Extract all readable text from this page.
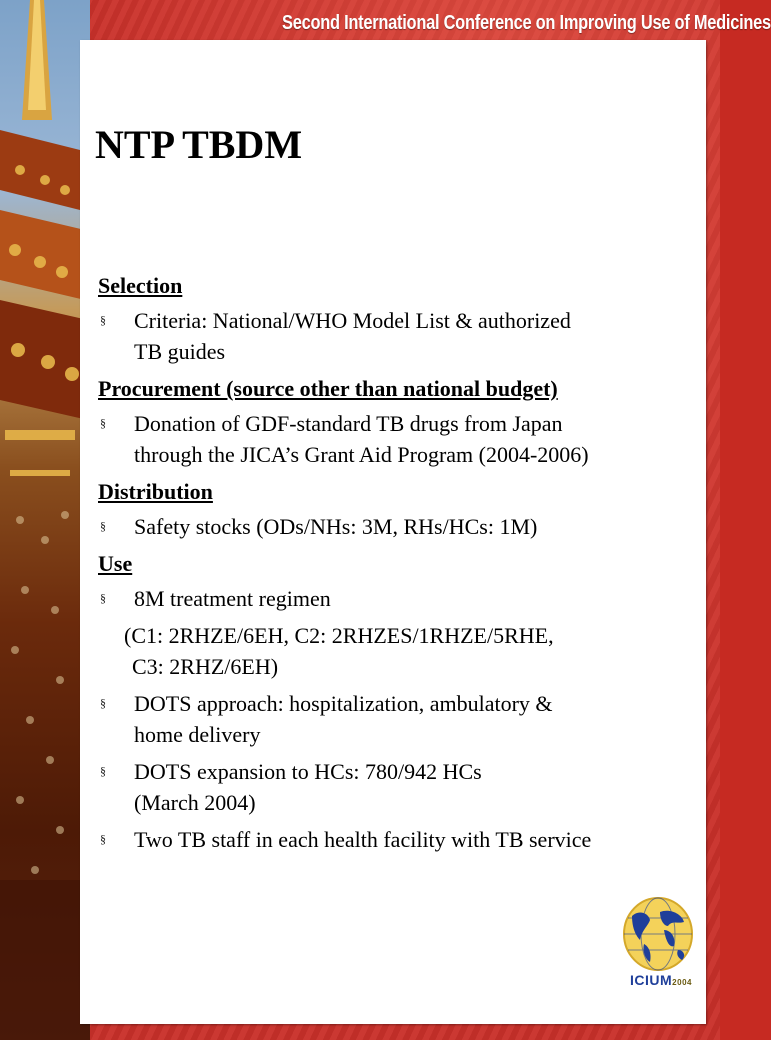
Second International Conference on Improving Use of Medicines
NTP TBDM
Selection
§	Criteria: National/WHO Model List & authorized
TB guides
Procurement (source other than national budget)
§	Donation of GDF-standard TB drugs from Japan
through the JICA’s Grant Aid Program (2004-2006)
Distribution
§	Safety stocks (ODs/NHs: 3M, RHs/HCs: 1M)
Use
§	8M treatment regimen
(C1: 2RHZE/6EH, C2: 2RHZES/1RHZE/5RHE,
C3: 2RHZ/6EH)
§	DOTS approach: hospitalization, ambulatory &
home delivery
§	DOTS expansion to HCs: 780/942 HCs
(March 2004)
§	Two TB staff in each health facility with TB service
ICIUM2004
